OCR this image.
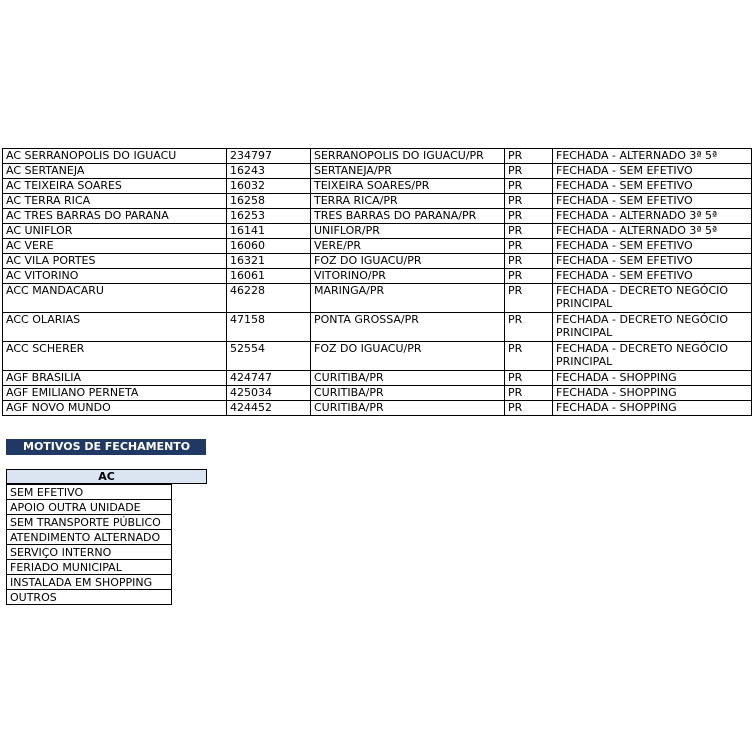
AC SERRANOPOLIS DO IGUACU	234797	SERRANOPOLIS DO IGUACU/PR	PR	FECHADA - ALTERNADO 3ª 5ª
AC SERTANEJA	16243	SERTANEJA/PR	PR	FECHADA - SEM EFETIVO
AC TEIXEIRA SOARES	16032	TEIXEIRA SOARES/PR	PR	FECHADA - SEM EFETIVO
AC TERRA RICA	16258	TERRA RICA/PR	PR	FECHADA - SEM EFETIVO
AC TRES BARRAS DO PARANA	16253	TRES BARRAS DO PARANA/PR	PR	FECHADA - ALTERNADO 3ª 5ª
AC UNIFLOR	16141	UNIFLOR/PR	PR	FECHADA - ALTERNADO 3ª 5ª
AC VERE	16060	VERE/PR	PR	FECHADA - SEM EFETIVO
AC VILA PORTES	16321	FOZ DO IGUACU/PR	PR	FECHADA - SEM EFETIVO
AC VITORINO	16061	VITORINO/PR	PR	FECHADA - SEM EFETIVO
ACC MANDACARU	46228	MARINGA/PR	PR	FECHADA - DECRETO NEGÓCIO PRINCIPAL
ACC OLARIAS	47158	PONTA GROSSA/PR	PR	FECHADA - DECRETO NEGÓCIO PRINCIPAL
ACC SCHERER	52554	FOZ DO IGUACU/PR	PR	FECHADA - DECRETO NEGÓCIO PRINCIPAL
AGF BRASILIA	424747	CURITIBA/PR	PR	FECHADA - SHOPPING
AGF EMILIANO PERNETA	425034	CURITIBA/PR	PR	FECHADA - SHOPPING
AGF NOVO MUNDO	424452	CURITIBA/PR	PR	FECHADA - SHOPPING
MOTIVOS DE FECHAMENTO
AC
SEM EFETIVO
APOIO OUTRA UNIDADE
SEM TRANSPORTE PÚBLICO
ATENDIMENTO ALTERNADO
SERVIÇO INTERNO
FERIADO MUNICIPAL
INSTALADA EM SHOPPING
OUTROS
